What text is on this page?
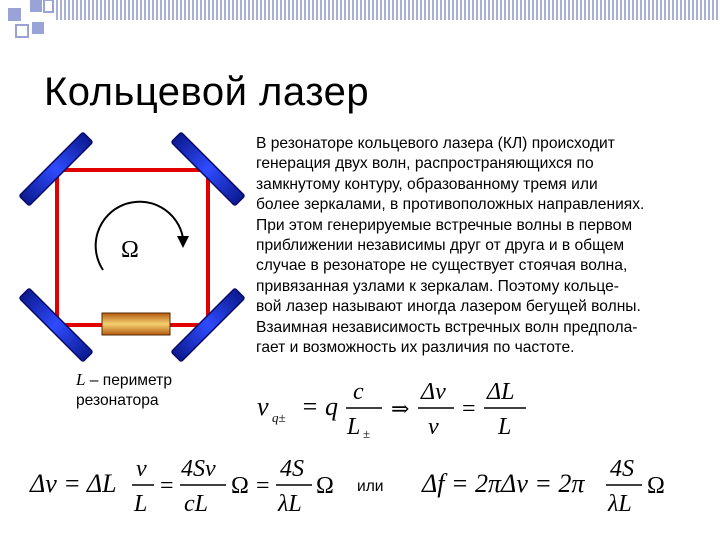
Кольцевой лазер
Ω
L – периметр
резонатора
В резонаторе кольцевого лазера (КЛ) происходит
генерация двух волн, распространяющихся по
замкнутому контуру, образованному тремя или
более зеркалами, в противоположных направлениях.
При этом генерируемые встречные волны в первом
приближении независимы друг от друга и в общем
случае в резонаторе не существует стоячая волна,
привязанная узлами к зеркалам. Поэтому кольце-
вой лазер называют иногда лазером бегущей волны.
Взаимная независимость встречных волн предпола-
гает и возможность их различия по частоте.
ν q± = q c
L ±
⇒
Δν
ν
=
ΔL
L
Δν = ΔL ν
L
=
4Sν
cL
Ω =
4S
λL
Ω или Δf = 2πΔν = 2π 4S
λL
Ω
